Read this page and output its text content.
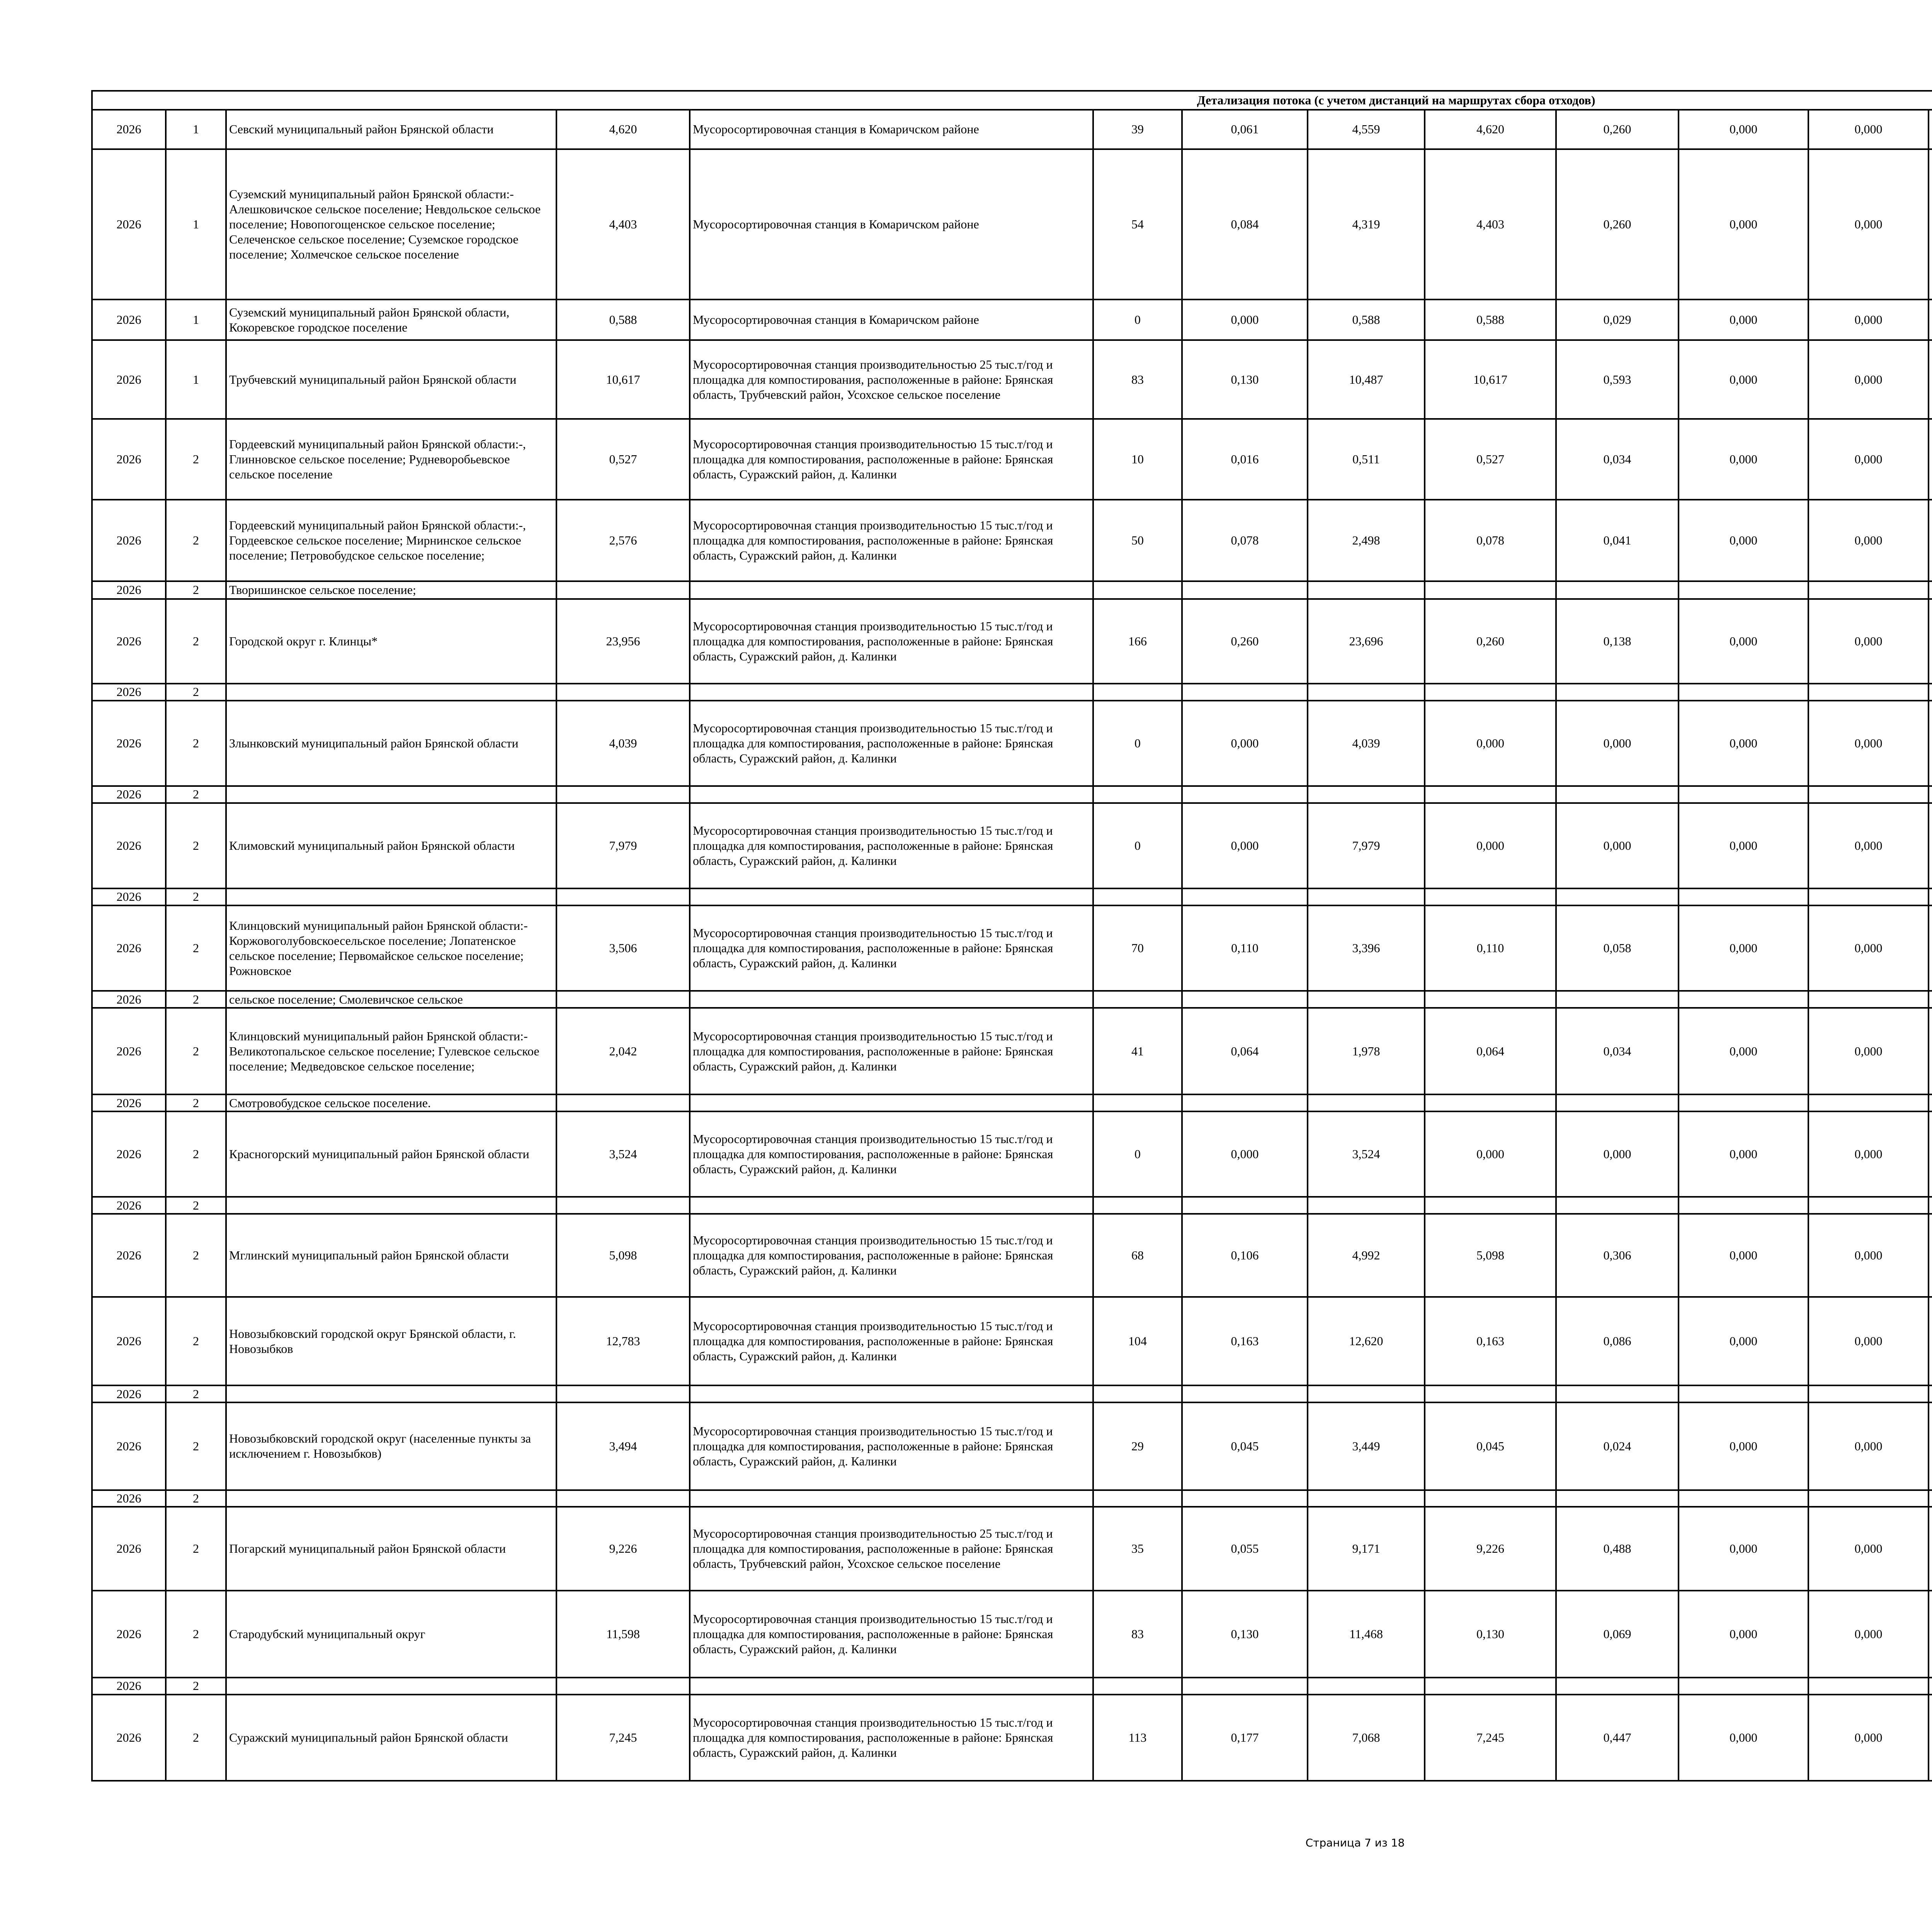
Детализация потока (с учетом дистанций на маршрутах сбора отходов)																
2026	1	Севский муниципальный район Брянской области	4,620	Мусоросортировочная станция в Комаричском районе	39	0,061	4,559	4,620	0,260	0,000	0,000					
2026	1	Суземский муниципальный район Брянской области:- Алешковичское сельское поселение; Невдольское сельское поселение; Новопогощенское сельское поселение; Селеченское сельское поселение; Суземское городское поселение; Холмечское сельское поселение	4,403	Мусоросортировочная станция в Комаричском районе	54	0,084	4,319	4,403	0,260	0,000	0,000					
2026	1	Суземский муниципальный район Брянской области, Кокоревское городское поселение	0,588	Мусоросортировочная станция в Комаричском районе	0	0,000	0,588	0,588	0,029	0,000	0,000					
2026	1	Трубчевский муниципальный район Брянской области	10,617	Мусоросортировочная станция производительностью 25 тыс.т/год и площадка для компостирования, расположенные в районе: Брянская область, Трубчевский район, Усохское сельское поселение	83	0,130	10,487	10,617	0,593	0,000	0,000					
2026	2	Гордеевский муниципальный район Брянской области:-, Глинновское сельское поселение; Рудневоробьевское сельское поселение	0,527	Мусоросортировочная станция производительностью 15 тыс.т/год и площадка для компостирования, расположенные в районе: Брянская область, Суражский район, д. Калинки	10	0,016	0,511	0,527	0,034	0,000	0,000					
2026	2	Гордеевский муниципальный район Брянской области:-, Гордеевское сельское поселение; Мирнинское сельское поселение; Петровобудское сельское поселение;	2,576	Мусоросортировочная станция производительностью 15 тыс.т/год и площадка для компостирования, расположенные в районе: Брянская область, Суражский район, д. Калинки	50	0,078	2,498	0,078	0,041	0,000	0,000					
2026	2	Творишинское сельское поселение;														
2026	2	Городской округ г. Клинцы*	23,956	Мусоросортировочная станция производительностью 15 тыс.т/год и площадка для компостирования, расположенные в районе: Брянская область, Суражский район, д. Калинки	166	0,260	23,696	0,260	0,138	0,000	0,000					
2026	2															
2026	2	Злынковский муниципальный район Брянской области	4,039	Мусоросортировочная станция производительностью 15 тыс.т/год и площадка для компостирования, расположенные в районе: Брянская область, Суражский район, д. Калинки	0	0,000	4,039	0,000	0,000	0,000	0,000					
2026	2															
2026	2	Климовский муниципальный район Брянской области	7,979	Мусоросортировочная станция производительностью 15 тыс.т/год и площадка для компостирования, расположенные в районе: Брянская область, Суражский район, д. Калинки	0	0,000	7,979	0,000	0,000	0,000	0,000					
2026	2															
2026	2	Клинцовский муниципальный район Брянской области:-Коржовоголубовскоесельское поселение; Лопатенское сельское поселение; Первомайское сельское поселение; Рожновское	3,506	Мусоросортировочная станция производительностью 15 тыс.т/год и площадка для компостирования, расположенные в районе: Брянская область, Суражский район, д. Калинки	70	0,110	3,396	0,110	0,058	0,000	0,000					
2026	2	сельское поселение; Смолевичское сельское														
2026	2	Клинцовский муниципальный район Брянской области:- Великотопальское сельское поселение; Гулевское сельское поселение; Медведовское сельское поселение;	2,042	Мусоросортировочная станция производительностью 15 тыс.т/год и площадка для компостирования, расположенные в районе: Брянская область, Суражский район, д. Калинки	41	0,064	1,978	0,064	0,034	0,000	0,000					
2026	2	Смотровобудское сельское поселение.														
2026	2	Красногорский муниципальный район Брянской области	3,524	Мусоросортировочная станция производительностью 15 тыс.т/год и площадка для компостирования, расположенные в районе: Брянская область, Суражский район, д. Калинки	0	0,000	3,524	0,000	0,000	0,000	0,000					
2026	2															
2026	2	Мглинский муниципальный район Брянской области	5,098	Мусоросортировочная станция производительностью 15 тыс.т/год и площадка для компостирования, расположенные в районе: Брянская область, Суражский район, д. Калинки	68	0,106	4,992	5,098	0,306	0,000	0,000					
2026	2	Новозыбковский городской округ Брянской области, г. Новозыбков	12,783	Мусоросортировочная станция производительностью 15 тыс.т/год и площадка для компостирования, расположенные в районе: Брянская область, Суражский район, д. Калинки	104	0,163	12,620	0,163	0,086	0,000	0,000					
2026	2															
2026	2	Новозыбковский городской округ (населенные пункты за исключением г. Новозыбков)	3,494	Мусоросортировочная станция производительностью 15 тыс.т/год и площадка для компостирования, расположенные в районе: Брянская область, Суражский район, д. Калинки	29	0,045	3,449	0,045	0,024	0,000	0,000					
2026	2															
2026	2	Погарский муниципальный район Брянской области	9,226	Мусоросортировочная станция производительностью 25 тыс.т/год и площадка для компостирования, расположенные в районе: Брянская область, Трубчевский район, Усохское сельское поселение	35	0,055	9,171	9,226	0,488	0,000	0,000					
2026	2	Стародубский муниципальный округ	11,598	Мусоросортировочная станция производительностью 15 тыс.т/год и площадка для компостирования, расположенные в районе: Брянская область, Суражский район, д. Калинки	83	0,130	11,468	0,130	0,069	0,000	0,000					
2026	2															
2026	2	Суражский муниципальный район Брянской области	7,245	Мусоросортировочная станция производительностью 15 тыс.т/год и площадка для компостирования, расположенные в районе: Брянская область, Суражский район, д. Калинки	113	0,177	7,068	7,245	0,447	0,000	0,000					
Страница 7 из 18
